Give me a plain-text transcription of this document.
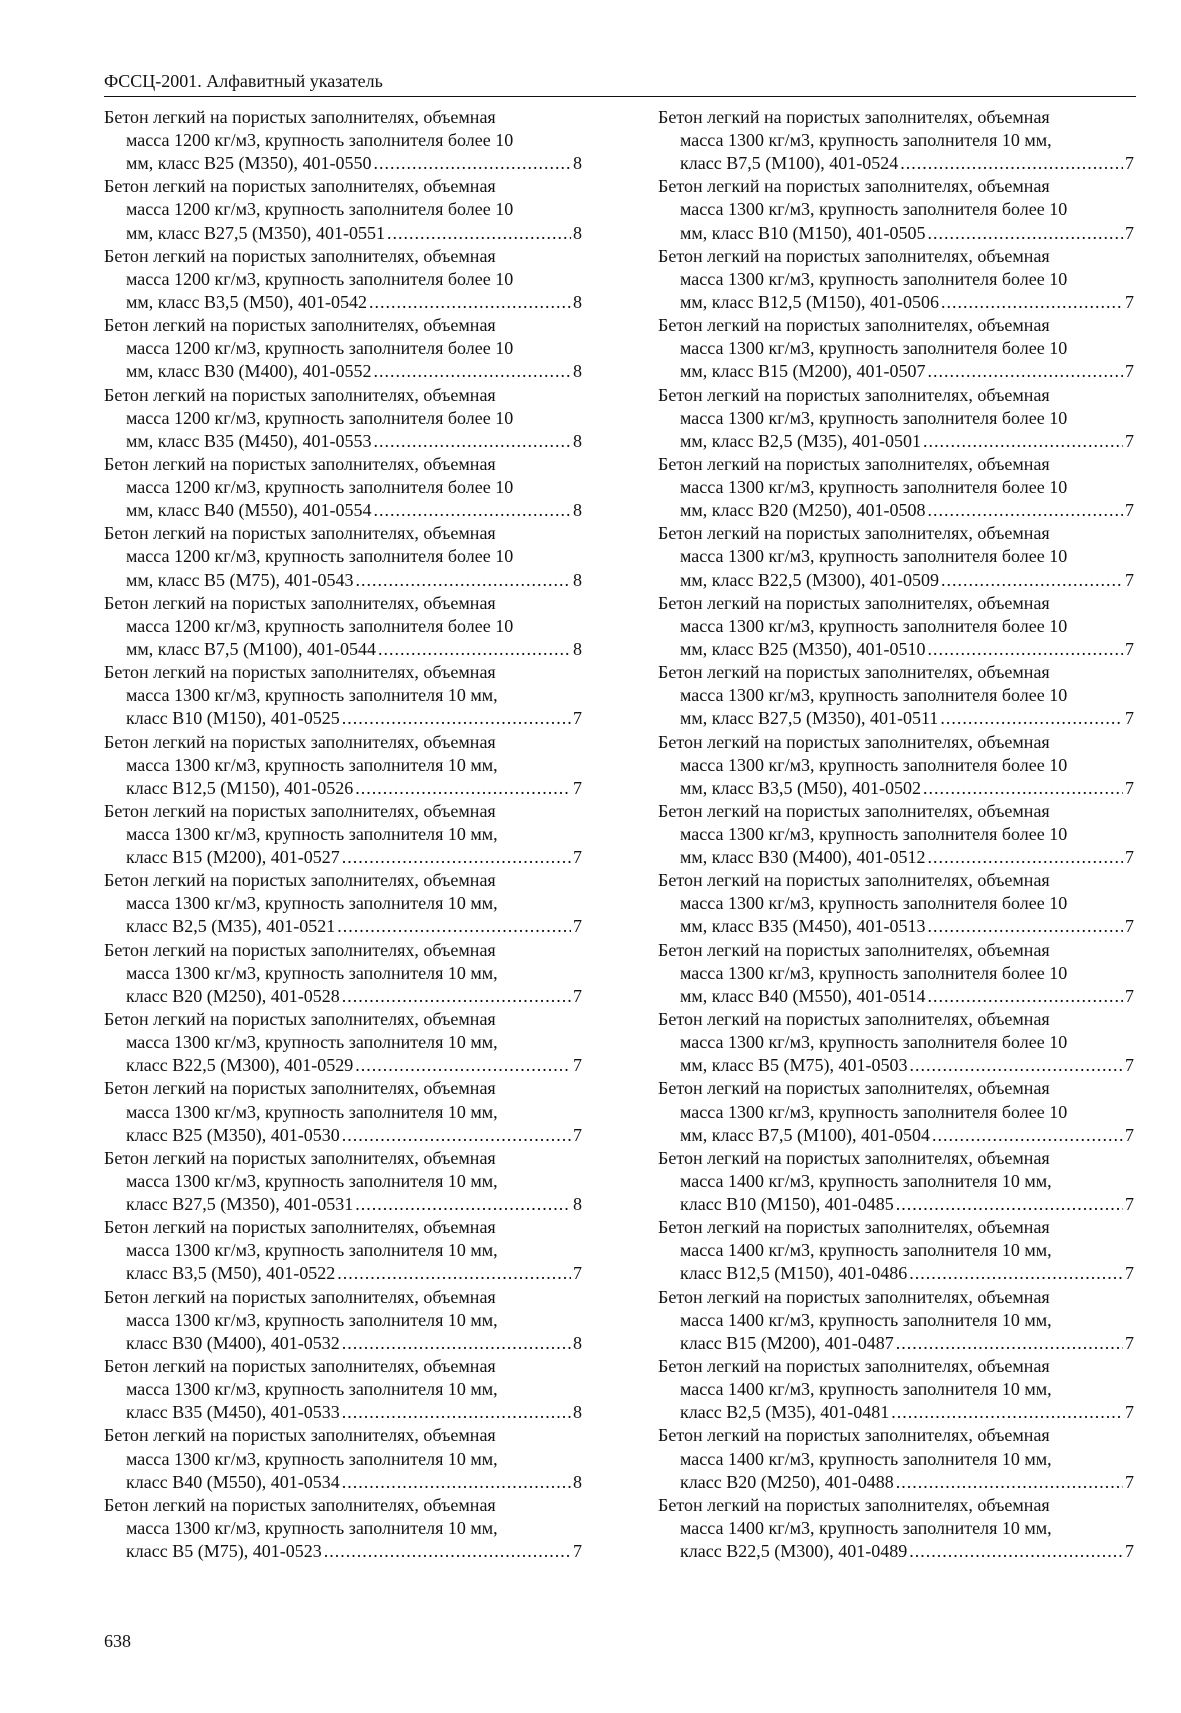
ФССЦ-2001. Алфавитный указатель
Бетон легкий на пористых заполнителях, объемная
масса 1200 кг/м3, крупность заполнителя более 10
мм, класс В25 (М350), 401-0550 .....	8
Бетон легкий на пористых заполнителях, объемная
масса 1200 кг/м3, крупность заполнителя более 10
мм, класс В27,5 (М350), 401-0551 .....	8
Бетон легкий на пористых заполнителях, объемная
масса 1200 кг/м3, крупность заполнителя более 10
мм, класс В3,5 (М50), 401-0542 .....	8
Бетон легкий на пористых заполнителях, объемная
масса 1200 кг/м3, крупность заполнителя более 10
мм, класс В30 (М400), 401-0552 .....	8
Бетон легкий на пористых заполнителях, объемная
масса 1200 кг/м3, крупность заполнителя более 10
мм, класс В35 (М450), 401-0553 .....	8
Бетон легкий на пористых заполнителях, объемная
масса 1200 кг/м3, крупность заполнителя более 10
мм, класс В40 (М550), 401-0554 .....	8
Бетон легкий на пористых заполнителях, объемная
масса 1200 кг/м3, крупность заполнителя более 10
мм, класс В5 (М75), 401-0543 .....	8
Бетон легкий на пористых заполнителях, объемная
масса 1200 кг/м3, крупность заполнителя более 10
мм, класс В7,5 (М100), 401-0544 .....	8
Бетон легкий на пористых заполнителях, объемная
масса 1300 кг/м3, крупность заполнителя 10 мм,
класс В10 (М150), 401-0525 .....	7
Бетон легкий на пористых заполнителях, объемная
масса 1300 кг/м3, крупность заполнителя 10 мм,
класс В12,5 (М150), 401-0526 .....	7
Бетон легкий на пористых заполнителях, объемная
масса 1300 кг/м3, крупность заполнителя 10 мм,
класс В15 (М200), 401-0527 .....	7
Бетон легкий на пористых заполнителях, объемная
масса 1300 кг/м3, крупность заполнителя 10 мм,
класс В2,5 (М35), 401-0521 .....	7
Бетон легкий на пористых заполнителях, объемная
масса 1300 кг/м3, крупность заполнителя 10 мм,
класс В20 (М250), 401-0528 .....	7
Бетон легкий на пористых заполнителях, объемная
масса 1300 кг/м3, крупность заполнителя 10 мм,
класс В22,5 (М300), 401-0529 .....	7
Бетон легкий на пористых заполнителях, объемная
масса 1300 кг/м3, крупность заполнителя 10 мм,
класс В25 (М350), 401-0530 .....	7
Бетон легкий на пористых заполнителях, объемная
масса 1300 кг/м3, крупность заполнителя 10 мм,
класс В27,5 (М350), 401-0531 .....	8
Бетон легкий на пористых заполнителях, объемная
масса 1300 кг/м3, крупность заполнителя 10 мм,
класс В3,5 (М50), 401-0522 .....	7
Бетон легкий на пористых заполнителях, объемная
масса 1300 кг/м3, крупность заполнителя 10 мм,
класс В30 (М400), 401-0532 .....	8
Бетон легкий на пористых заполнителях, объемная
масса 1300 кг/м3, крупность заполнителя 10 мм,
класс В35 (М450), 401-0533 .....	8
Бетон легкий на пористых заполнителях, объемная
масса 1300 кг/м3, крупность заполнителя 10 мм,
класс В40 (М550), 401-0534 .....	8
Бетон легкий на пористых заполнителях, объемная
масса 1300 кг/м3, крупность заполнителя 10 мм,
класс В5 (М75), 401-0523 .....	7
Бетон легкий на пористых заполнителях, объемная
масса 1300 кг/м3, крупность заполнителя 10 мм,
класс В7,5 (М100), 401-0524 .....	7
Бетон легкий на пористых заполнителях, объемная
масса 1300 кг/м3, крупность заполнителя более 10
мм, класс В10 (М150), 401-0505 .....	7
Бетон легкий на пористых заполнителях, объемная
масса 1300 кг/м3, крупность заполнителя более 10
мм, класс В12,5 (М150), 401-0506 .....	7
Бетон легкий на пористых заполнителях, объемная
масса 1300 кг/м3, крупность заполнителя более 10
мм, класс В15 (М200), 401-0507 .....	7
Бетон легкий на пористых заполнителях, объемная
масса 1300 кг/м3, крупность заполнителя более 10
мм, класс В2,5 (М35), 401-0501 .....	7
Бетон легкий на пористых заполнителях, объемная
масса 1300 кг/м3, крупность заполнителя более 10
мм, класс В20 (М250), 401-0508 .....	7
Бетон легкий на пористых заполнителях, объемная
масса 1300 кг/м3, крупность заполнителя более 10
мм, класс В22,5 (М300), 401-0509 .....	7
Бетон легкий на пористых заполнителях, объемная
масса 1300 кг/м3, крупность заполнителя более 10
мм, класс В25 (М350), 401-0510 .....	7
Бетон легкий на пористых заполнителях, объемная
масса 1300 кг/м3, крупность заполнителя более 10
мм, класс В27,5 (М350), 401-0511 .....	7
Бетон легкий на пористых заполнителях, объемная
масса 1300 кг/м3, крупность заполнителя более 10
мм, класс В3,5 (М50), 401-0502 .....	7
Бетон легкий на пористых заполнителях, объемная
масса 1300 кг/м3, крупность заполнителя более 10
мм, класс В30 (М400), 401-0512 .....	7
Бетон легкий на пористых заполнителях, объемная
масса 1300 кг/м3, крупность заполнителя более 10
мм, класс В35 (М450), 401-0513 .....	7
Бетон легкий на пористых заполнителях, объемная
масса 1300 кг/м3, крупность заполнителя более 10
мм, класс В40 (М550), 401-0514 .....	7
Бетон легкий на пористых заполнителях, объемная
масса 1300 кг/м3, крупность заполнителя более 10
мм, класс В5 (М75), 401-0503 .....	7
Бетон легкий на пористых заполнителях, объемная
масса 1300 кг/м3, крупность заполнителя более 10
мм, класс В7,5 (М100), 401-0504 .....	7
Бетон легкий на пористых заполнителях, объемная
масса 1400 кг/м3, крупность заполнителя 10 мм,
класс В10 (М150), 401-0485 .....	7
Бетон легкий на пористых заполнителях, объемная
масса 1400 кг/м3, крупность заполнителя 10 мм,
класс В12,5 (М150), 401-0486 .....	7
Бетон легкий на пористых заполнителях, объемная
масса 1400 кг/м3, крупность заполнителя 10 мм,
класс В15 (М200), 401-0487 .....	7
Бетон легкий на пористых заполнителях, объемная
масса 1400 кг/м3, крупность заполнителя 10 мм,
класс В2,5 (М35), 401-0481 .....	7
Бетон легкий на пористых заполнителях, объемная
масса 1400 кг/м3, крупность заполнителя 10 мм,
класс В20 (М250), 401-0488 .....	7
Бетон легкий на пористых заполнителях, объемная
масса 1400 кг/м3, крупность заполнителя 10 мм,
класс В22,5 (М300), 401-0489 .....	7
638
